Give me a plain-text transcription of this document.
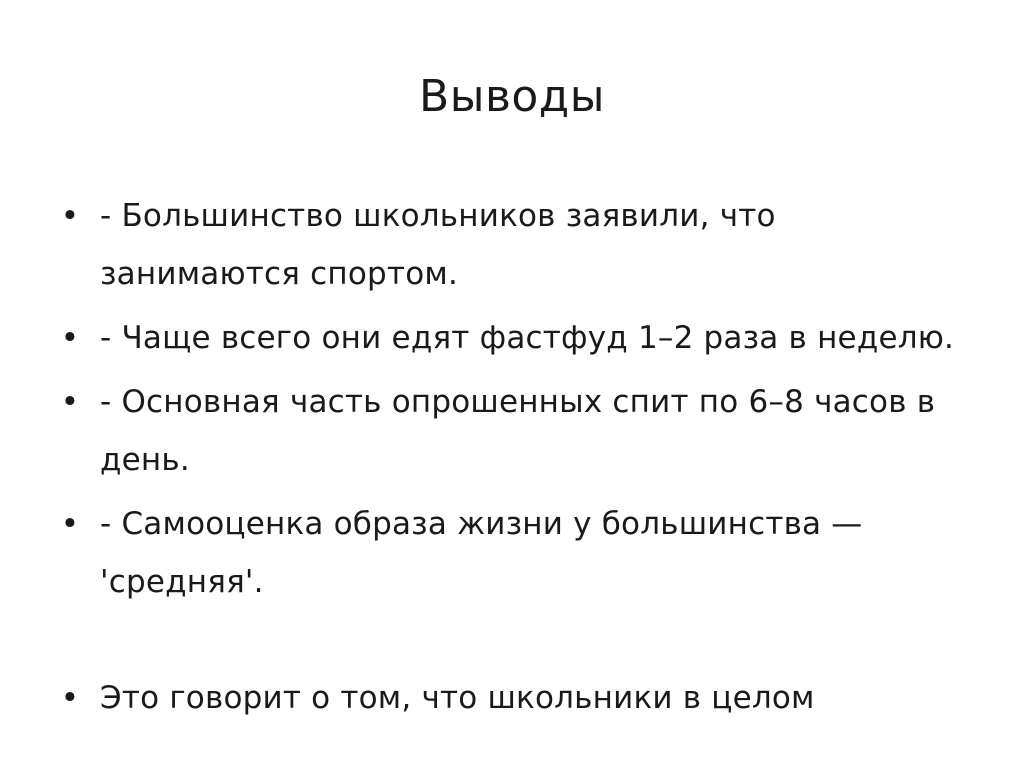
Выводы
• - Большинство школьников заявили, что занимаются спортом.
• - Чаще всего они едят фастфуд 1–2 раза в неделю.
• - Основная часть опрошенных спит по 6–8 часов в день.
• - Самооценка образа жизни у большинства — 'средняя'.
• Это говорит о том, что школьники в целом
